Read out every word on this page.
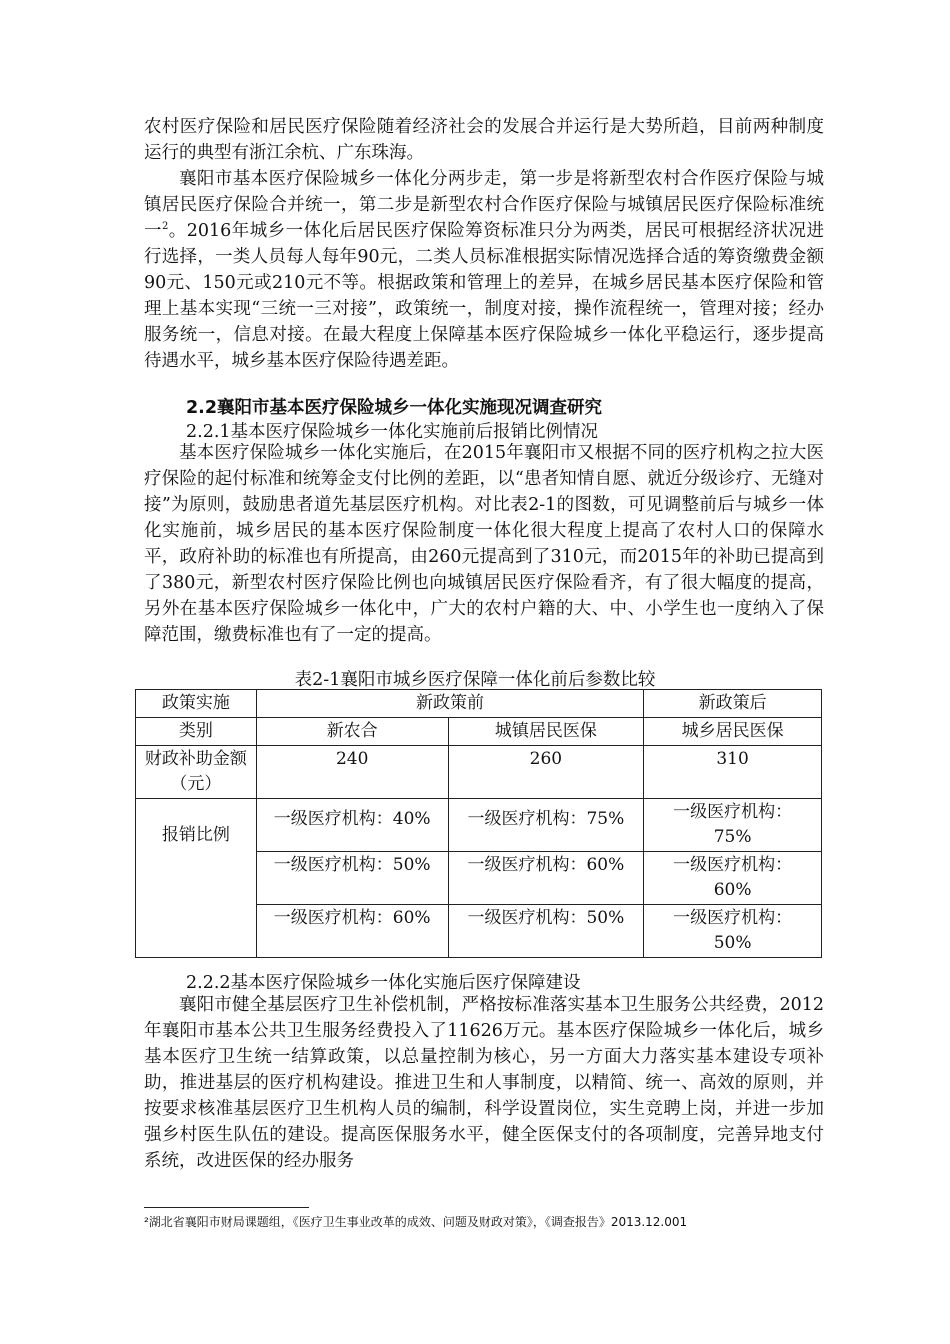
农村医疗保险和居民医疗保险随着经济社会的发展合并运行是大势所趋，目前两种制度运行的典型有浙江余杭、广东珠海。

襄阳市基本医疗保险城乡一体化分两步走，第一步是将新型农村合作医疗保险与城镇居民医疗保险合并统一，第二步是新型农村合作医疗保险与城镇居民医疗保险标准统一$^2$。2016年城乡一体化后居民医疗保险筹资标准只分为两类，居民可根据经济状况进行选择，一类人员每人每年90元，二类人员标准根据实际情况选择合适的筹资缴费金额90元、150元或210元不等。根据政策和管理上的差异，在城乡居民基本医疗保险和管理上基本实现“三统一三对接”，政策统一，制度对接，操作流程统一，管理对接；经办服务统一，信息对接。在最大程度上保障基本医疗保险城乡一体化平稳运行，逐步提高待遇水平，城乡基本医疗保险待遇差距。

2.2襄阳市基本医疗保险城乡一体化实施现况调查研究

2.2.1基本医疗保险城乡一体化实施前后报销比例情况

基本医疗保险城乡一体化实施后，在2015年襄阳市又根据不同的医疗机构之拉大医疗保险的起付标准和统筹金支付比例的差距，以“患者知情自愿、就近分级诊疗、无缝对接”为原则，鼓励患者道先基层医疗机构。对比表2-1的图数，可见调整前后与城乡一体化实施前，城乡居民的基本医疗保险制度一体化很大程度上提高了农村人口的保障水平，政府补助的标准也有所提高，由260元提高到了310元，而2015年的补助已提高到了380元，新型农村医疗保险比例也向城镇居民医疗保险看齐，有了很大幅度的提高，另外在基本医疗保险城乡一体化中，广大的农村户籍的大、中、小学生也一度纳入了保障范围，缴费标准也有了一定的提高。

表2-1襄阳市城乡医疗保障一体化前后参数比较
政策实施	新政策前		新政策后
类别	新农合	城镇居民医保	城乡居民医保
财政补助金额（元）	240	260	310
报销比例	一级医疗机构：40%	一级医疗机构：75%	一级医疗机构：75%
	一级医疗机构：50%	一级医疗机构：60%	一级医疗机构：60%
	一级医疗机构：60%	一级医疗机构：50%	一级医疗机构：50%

2.2.2基本医疗保险城乡一体化实施后医疗保障建设

襄阳市健全基层医疗卫生补偿机制，严格按标准落实基本卫生服务公共经费，2012年襄阳市基本公共卫生服务经费投入了11626万元。基本医疗保险城乡一体化后，城乡基本医疗卫生统一结算政策，以总量控制为核心，另一方面大力落实基本建设专项补助，推进基层的医疗机构建设。推进卫生和人事制度，以精简、统一、高效的原则，并按要求核准基层医疗卫生机构人员的编制，科学设置岗位，实生竞聘上岗，并进一步加强乡村医生队伍的建设。提高医保服务水平，健全医保支付的各项制度，完善异地支付系统，改进医保的经办服务

²湖北省襄阳市财局课题组，《医疗卫生事业改革的成效、问题及财政对策》，《调查报告》2013.12.001
